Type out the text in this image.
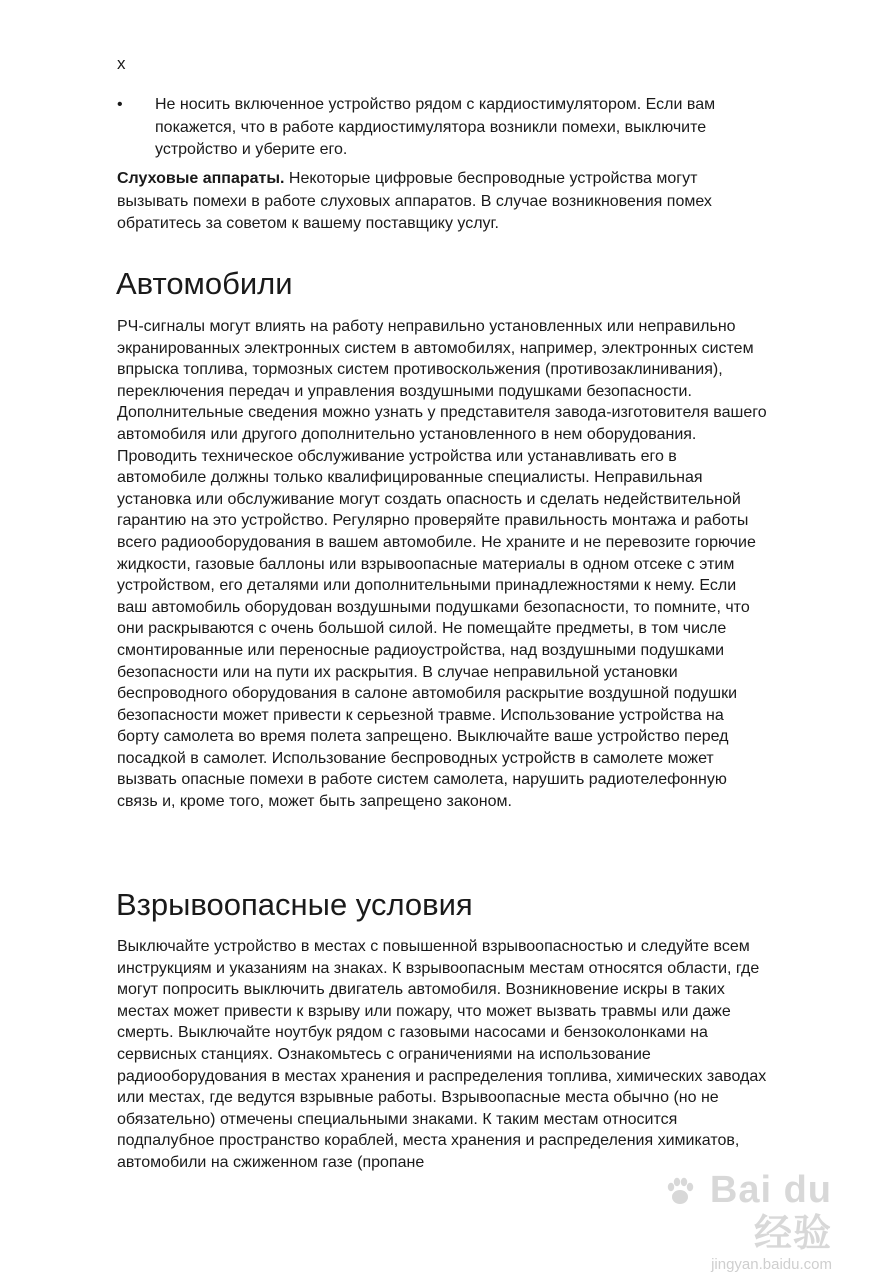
x
• Не носить включенное устройство рядом с кардиостимулятором. Если вам покажется, что в работе кардиостимулятора возникли помехи, выключите устройство и уберите его.

Слуховые аппараты. Некоторые цифровые беспроводные устройства могут вызывать помехи в работе слуховых аппаратов. В случае возникновения помех обратитесь за советом к вашему поставщику услуг.

Автомобили

РЧ-сигналы могут влиять на работу неправильно установленных или неправильно экранированных электронных систем в автомобилях, например, электронных систем впрыска топлива, тормозных систем противоскольжения (противозаклинивания), переключения передач и управления воздушными подушками безопасности. Дополнительные сведения можно узнать у представителя завода-изготовителя вашего автомобиля или другого дополнительно установленного в нем оборудования. Проводить техническое обслуживание устройства или устанавливать его в автомобиле должны только квалифицированные специалисты. Неправильная установка или обслуживание могут создать опасность и сделать недействительной гарантию на это устройство. Регулярно проверяйте правильность монтажа и работы всего радиооборудования в вашем автомобиле. Не храните и не перевозите горючие жидкости, газовые баллоны или взрывоопасные материалы в одном отсеке с этим устройством, его деталями или дополнительными принадлежностями к нему. Если ваш автомобиль оборудован воздушными подушками безопасности, то помните, что они раскрываются с очень большой силой. Не помещайте предметы, в том числе смонтированные или переносные радиоустройства, над воздушными подушками безопасности или на пути их раскрытия. В случае неправильной установки беспроводного оборудования в салоне автомобиля раскрытие воздушной подушки безопасности может привести к серьезной травме. Использование устройства на борту самолета во время полета запрещено. Выключайте ваше устройство перед посадкой в самолет. Использование беспроводных устройств в самолете может вызвать опасные помехи в работе систем самолета, нарушить радиотелефонную связь и, кроме того, может быть запрещено законом.

Взрывоопасные условия

Выключайте устройство в местах с повышенной взрывоопасностью и следуйте всем инструкциям и указаниям на знаках. К взрывоопасным местам относятся области, где могут попросить выключить двигатель автомобиля. Возникновение искры в таких местах может привести к взрыву или пожару, что может вызвать травмы или даже смерть. Выключайте ноутбук рядом с газовыми насосами и бензоколонками на сервисных станциях. Ознакомьтесь с ограничениями на использование радиооборудования в местах хранения и распределения топлива, химических заводах или местах, где ведутся взрывные работы. Взрывоопасные места обычно (но не обязательно) отмечены специальными знаками. К таким местам относится подпалубное пространство кораблей, места хранения и распределения химикатов, автомобили на сжиженном газе (пропане

Bai du 经验
jingyan.baidu.com
